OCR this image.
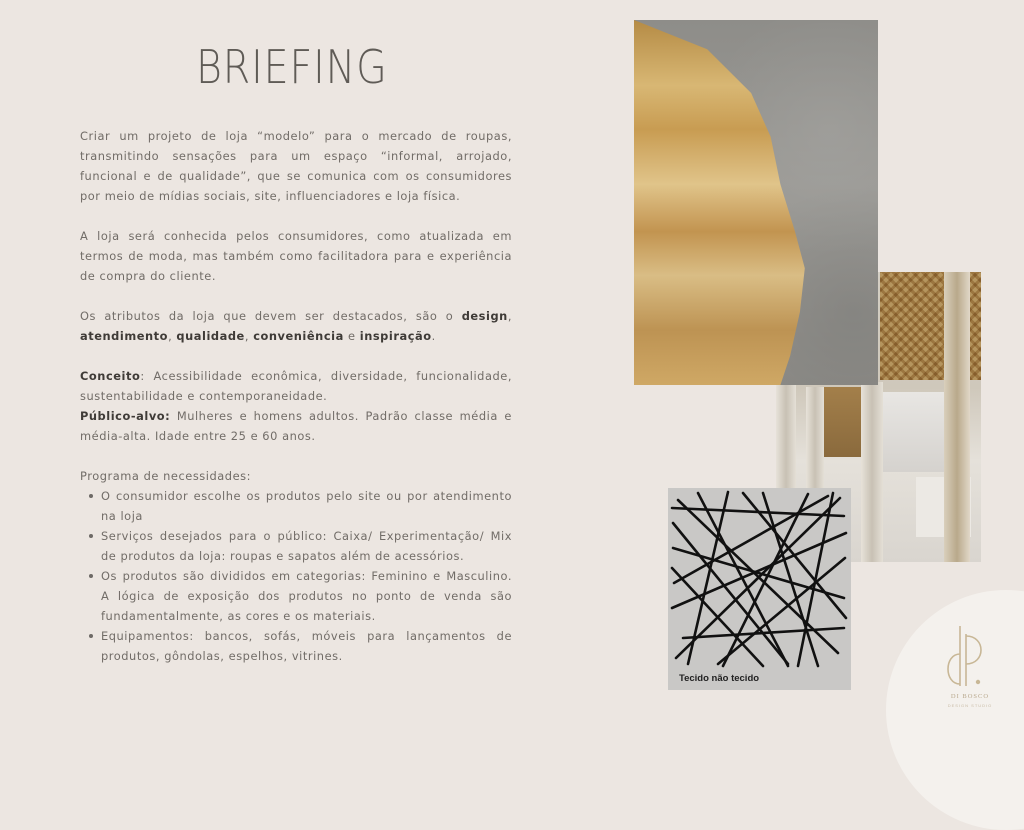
BRIEFING

Criar um projeto de loja “modelo” para o mercado de roupas, transmitindo sensações para um espaço “informal, arrojado, funcional e de qualidade”, que se comunica com os consumidores por meio de mídias sociais, site, influenciadores e loja física.

A loja será conhecida pelos consumidores, como atualizada em termos de moda, mas também como facilitadora para e experiência de compra do cliente.

Os atributos da loja que devem ser destacados, são o design, atendimento, qualidade, conveniência e inspiração.

Conceito: Acessibilidade econômica, diversidade, funcionalidade, sustentabilidade e contemporaneidade.

Público-alvo: Mulheres e homens adultos. Padrão classe média e média-alta. Idade entre 25 e 60 anos.

Programa de necessidades:

O consumidor escolhe os produtos pelo site ou por atendimento na loja
Serviços desejados para o público: Caixa/ Experimentação/ Mix de produtos da loja: roupas e sapatos além de acessórios.
Os produtos são divididos em categorias: Feminino e Masculino. A lógica de exposição dos produtos no ponto de venda são fundamentalmente, as cores e os materiais.
Equipamentos: bancos, sofás, móveis para lançamentos de produtos, gôndolas, espelhos, vitrines.
Tecido não tecido
DI BOSCO
DESIGN STUDIO
